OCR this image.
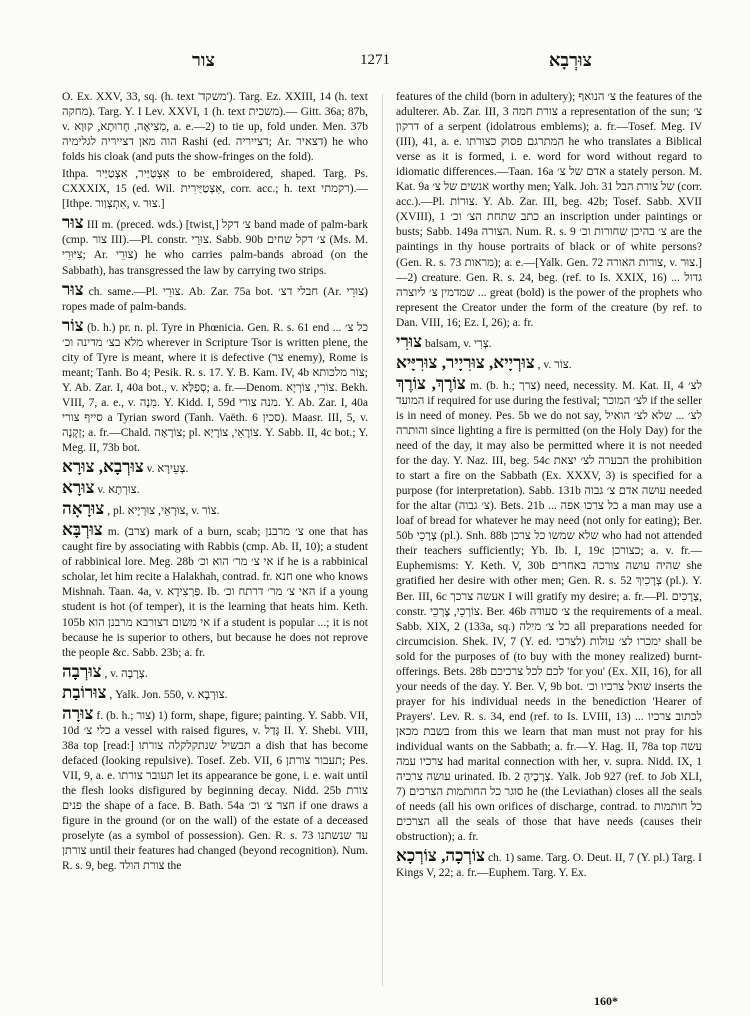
צור	1271	צוּרְבָא

O. Ex. XXV, 33, sq. (h. text 'משקד'). Targ. Ez. XXIII, 14 (h. text מחקה). Targ. Y. I Lev. XXVI, 1 (h. text משכית).— Gitt. 36a; 87b, v. מְצִיאָה, חָרוּתָא, קוּוָא, a. e.—2) to tie up, fold under. Men. 37b הוה מאן דצייריה לגלימיה Rashi (ed. דצייריה; Ar. דצאיר) he who folds his cloak (and puts the show-fringes on the fold).

Ithpa. אִצְטַיַּיר, אִצְטַיַּיר to be embroidered, shaped. Targ. Ps. CXXXIX, 15 (ed. Wil. אִצְטַיַּירִית, corr. acc.; h. text רקמתי).—[Ithpe. אִתְצְוַור, v. צוּר.]

צוּר III m. (preced. wds.) [twist,] צ׳ דקל band made of palm-bark (cmp. צור III).—Pl. constr. צוּרֵי. Sabb. 90b צ׳ דקל שחים (Ms. M. צִיּוּרֵי; Ar. צוּרֵי) he who carries palm-bands abroad (on the Sabbath), has transgressed the law by carrying two strips.

צוּר ch. same.—Pl. צוּרֵי. Ab. Zar. 75a bot. חבלי דצ׳ (Ar. צוּרֵי) ropes made of palm-bands.

צוֹר (b. h.) pr. n. pl. Tyre in Phœnicia. Gen. R. s. 61 end כל צ׳ ... מלא בצ׳ מדינה וכ׳ wherever in Scripture Tsor is written plene, the city of Tyre is meant, where it is defective (צר enemy), Rome is meant; Tanh. Bo 4; Pesik. R. s. 17. Y. B. Kam. IV, 4b צוֹר מלכותא; Y. Ab. Zar. I, 40a bot., v. סְפַלַּא; a. fr.—Denom. צוֹרִי, צוֹרְיָא. Bekh. VIII, 7, a. e., v. מִנָה. Y. Kidd. I, 59d מנה צורי. Y. Ab. Zar. I, 40a סייף צורי a Tyrian sword (Tanh. Vaëth. 6 סכין). Maasr. III, 5, v. זְקָנָה; a. fr.—Chald. צוֹרָאָה; pl. צוֹרָאֵי, צוֹרָיָא. Y. Sabb. II, 4c bot.; Y. Meg. II, 73b bot.

צוּרְבָא, צוּרָא v. צְעֵירָא.

צוּרָא v. צוּרְתָא.

צוּרָאָה , pl. צוּרָאֵי, צוּרְיָיא, v. צוֹר.

צוּרְבָּא m. (צרב) mark of a burn, scab; צ׳ מרבנן one that has caught fire by associating with Rabbis (cmp. Ab. II, 10); a student of rabbinical lore. Meg. 28b אי צ׳ מר׳ הוא וכ׳ if he is a rabbinical scholar, let him recite a Halakhah, contrad. fr. חנא one who knows Mishnah. Taan. 4a, v. פַּרְצִידָא. Ib. האי צ׳ מר׳ דרתח וכ׳ if a young student is hot (of temper), it is the learning that heats him. Keth. 105b אי משום דצורבא מרבנן הוא if a student is popular ...; it is not because he is superior to others, but because he does not reprove the people &c. Sabb. 23b; a. fr.

צוּרְבָה , v. צְרָבָה.

צוּרוֹבַת , Yalk. Jon. 550, v. צוּרְבָא.

צוּרָה f. (b. h.; צור) 1) form, shape, figure; painting. Y. Sabb. VII, 10d כלי צ׳ a vessel with raised figures, v. גָּדַל II. Y. Shebi. VIII, 38a top [read:] תבשיל שנתקלקלה צורתו a dish that has become defaced (looking repulsive). Tosef. Zeb. VII, 6 תעבור צורתן; Pes. VII, 9, a. e. תעובר צורתו let its appearance be gone, i. e. wait until the flesh looks disfigured by beginning decay. Nidd. 25b צורת פנים the shape of a face. B. Bath. 54a חצר צ׳ וכ׳ if one draws a figure in the ground (or on the wall) of the estate of a deceased proselyte (as a symbol of possession). Gen. R. s. 73 עד שנשתנו צורתן until their features had changed (beyond recognition). Num. R. s. 9, beg. צורת הולד the

features of the child (born in adultery); צ׳ הנואף the features of the adulterer. Ab. Zar. III, 3 צורת חמה a representation of the sun; צ׳ דרקון of a serpent (idolatrous emblems); a. fr.—Tosef. Meg. IV (III), 41, a. e. המתרגם פסוק כצורתו he who translates a Biblical verse as it is formed, i. e. word for word without regard to idiomatic differences.—Taan. 16a אדם של צ׳ a stately person. M. Kat. 9a אנשים של צ׳ worthy men; Yalk. Joh. 31 של צורת הבל (corr. acc.).—Pl. צוּרוֹת. Y. Ab. Zar. III, beg. 42b; Tosef. Sabb. XVII (XVIII), 1 כתב שתחת הצ׳ וכ׳ an inscription under paintings or busts; Sabb. 149a הצורה. Num. R. s. 9 צ׳ בהיכן שחורות וכ׳ are the paintings in thy house portraits of black or of white persons? (Gen. R. s. 73 מראות); a. e.—[Yalk. Gen. 72 צורות האורה, v. צוּר.]—2) creature. Gen. R. s. 24, beg. (ref. to Is. XXIX, 16) גדול ... שמדמין צ׳ ליוצרה ... great (bold) is the power of the prophets who represent the Creator under the form of the creature (by ref. to Dan. VIII, 16; Ez. I, 26); a. fr.

צוּרִי balsam, v. צְרִי.

צוּרְיָיא, צוּרִיָיר, צוּרִיָּיא , v. צוֹר.

צוֹרֶךְ, צוֹרֶךְ m. (b. h.; צרך) need, necessity. M. Kat. II, 4 לצ׳ המועד if required for use during the festival; לצ׳ המוכר if the seller is in need of money. Pes. 5b we do not say, לצ׳ ... שלא לצ׳ הואיל והותרה since lighting a fire is permitted (on the Holy Day) for the need of the day, it may also be permitted where it is not needed for the day. Y. Naz. III, beg. 54c הבערה לצ׳ יצאת the prohibition to start a fire on the Sabbath (Ex. XXXV, 3) is specified for a purpose (for interpretation). Sabb. 131b עושה אדם צ׳ גבוה needed for the altar (צ׳ גבוה). Bets. 21b ... כל צרכו אפה a man may use a loaf of bread for whatever he may need (not only for eating); Ber. 50b צְרָכֵי (pl.). Snh. 88b שלא שמשו כל צרכן who had not attended their teachers sufficiently; Yb. Ib. I, 19c כצורכן; a. v. fr.—Euphemisms: Y. Keth. V, 30b שהיה עושה צורכה באחרים she gratified her desire with other men; Gen. R. s. 52 צְרָכִיךְ (pl.). Y. Ber. III, 6c אעשה צרכך I will gratify my desire; a. fr.—Pl. צְרָכִים, constr. צוֹרְכֵי, צָרְכֵי. Ber. 46b צ׳ סעודה the requirements of a meal. Sabb. XIX, 2 (133a, sq.) כל צ׳ מילה all preparations needed for circumcision. Shek. IV, 7 (Y. ed. לצרכי) ימכרו לצ׳ עולות shall be sold for the purposes of (to buy with the money realized) burnt-offerings. Bets. 28b לכם לכל צרכיכם 'for you' (Ex. XII, 16), for all your needs of the day. Y. Ber. V, 9b bot. שואל צרכיו וכ׳ inserts the prayer for his individual needs in the benediction 'Hearer of Prayers'. Lev. R. s. 34, end (ref. to Is. LVIII, 13) ... לכתוב צרכיו בשבת מכאן from this we learn that man must not pray for his individual wants on the Sabbath; a. fr.—Y. Hag. II, 78a top עשה צרכיו עמה had marital connection with her, v. supra. Nidd. IX, 1 עושה צרכיה urinated. Ib. 2 צְרָכֶיהָ. Yalk. Job 927 (ref. to Job XLI, 7) סוגר כל החותמות הצרכים he (the Leviathan) closes all the seals of needs (all his own orifices of discharge, contrad. to כל חותמות הצרכים all the seals of those that have needs (causes their obstruction); a. fr.

צוֹרְכָה, צוֹרְכָא ch. 1) same. Targ. O. Deut. II, 7 (Y. pl.) Targ. I Kings V, 22; a. fr.—Euphem. Targ. Y. Ex.

160*
